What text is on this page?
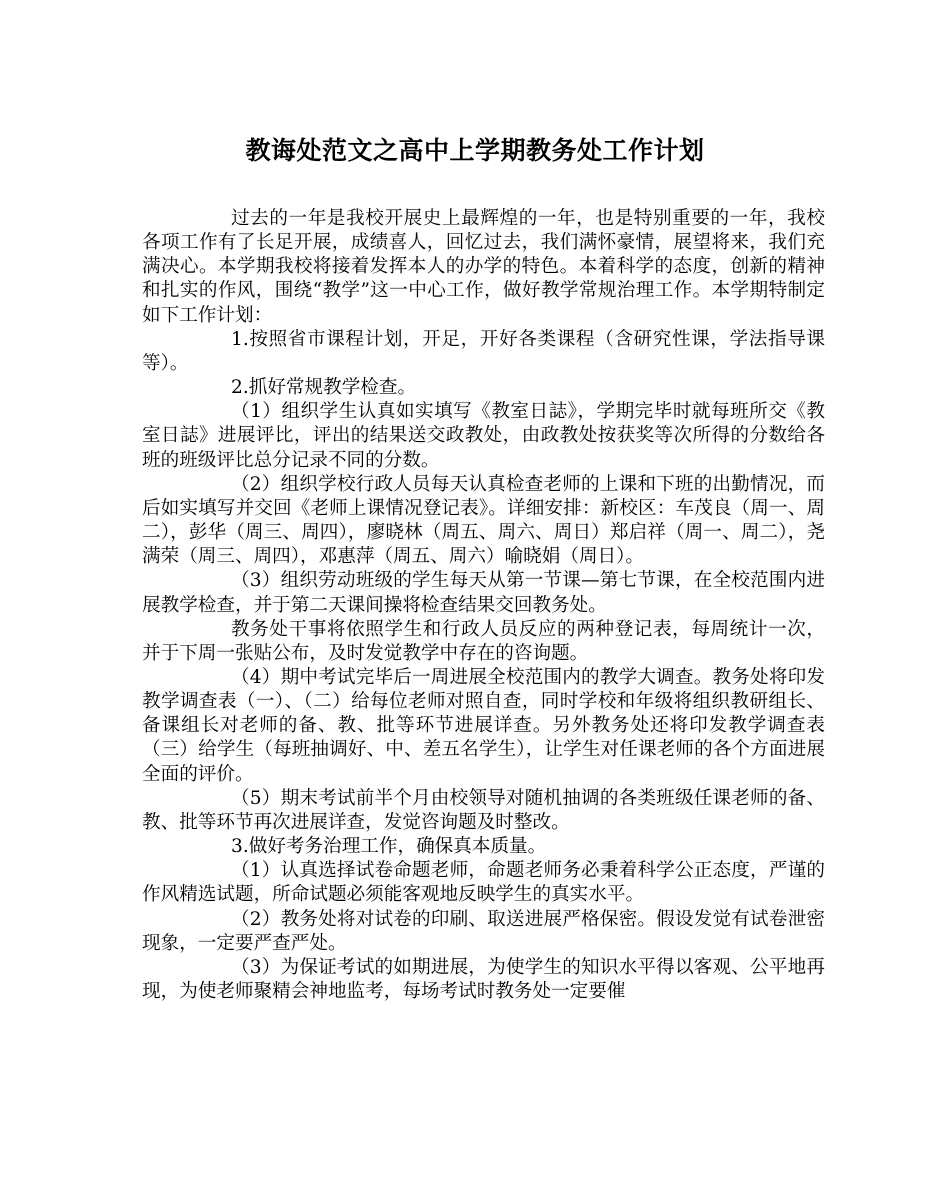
教诲处范文之高中上学期教务处工作计划

过去的一年是我校开展史上最辉煌的一年，也是特别重要的一年，我校各项工作有了长足开展，成绩喜人，回忆过去，我们满怀豪情，展望将来，我们充满决心。本学期我校将接着发挥本人的办学的特色。本着科学的态度，创新的精神和扎实的作风，围绕“教学”这一中心工作，做好教学常规治理工作。本学期特制定如下工作计划：

1.按照省市课程计划，开足，开好各类课程（含研究性课，学法指导课等）。

2.抓好常规教学检查。

（1）组织学生认真如实填写《教室日誌》，学期完毕时就每班所交《教室日誌》进展评比，评出的结果送交政教处，由政教处按获奖等次所得的分数给各班的班级评比总分记录不同的分数。

（2）组织学校行政人员每天认真检查老师的上课和下班的出勤情况，而后如实填写并交回《老师上课情况登记表》。详细安排：新校区：车茂良（周一、周二），彭华（周三、周四），廖晓林（周五、周六、周日）郑启祥（周一、周二），尧满荣（周三、周四），邓惠萍（周五、周六）喻晓娟（周日）。

（3）组织劳动班级的学生每天从第一节课—第七节课，在全校范围内进展教学检查，并于第二天课间操将检查结果交回教务处。

教务处干事将依照学生和行政人员反应的两种登记表，每周统计一次，并于下周一张贴公布，及时发觉教学中存在的咨询题。

（4）期中考试完毕后一周进展全校范围内的教学大调查。教务处将印发教学调查表（一）、（二）给每位老师对照自查，同时学校和年级将组织教研组长、备课组长对老师的备、教、批等环节进展详查。另外教务处还将印发教学调查表（三）给学生（每班抽调好、中、差五名学生），让学生对任课老师的各个方面进展全面的评价。

（5）期末考试前半个月由校领导对随机抽调的各类班级任课老师的备、教、批等环节再次进展详查，发觉咨询题及时整改。

3.做好考务治理工作，确保真本质量。

（1）认真选择试卷命题老师，命题老师务必秉着科学公正态度，严谨的作风精选试题，所命试题必须能客观地反映学生的真实水平。

（2）教务处将对试卷的印刷、取送进展严格保密。假设发觉有试卷泄密现象，一定要严查严处。

（3）为保证考试的如期进展，为使学生的知识水平得以客观、公平地再现，为使老师聚精会神地监考，每场考试时教务处一定要催
